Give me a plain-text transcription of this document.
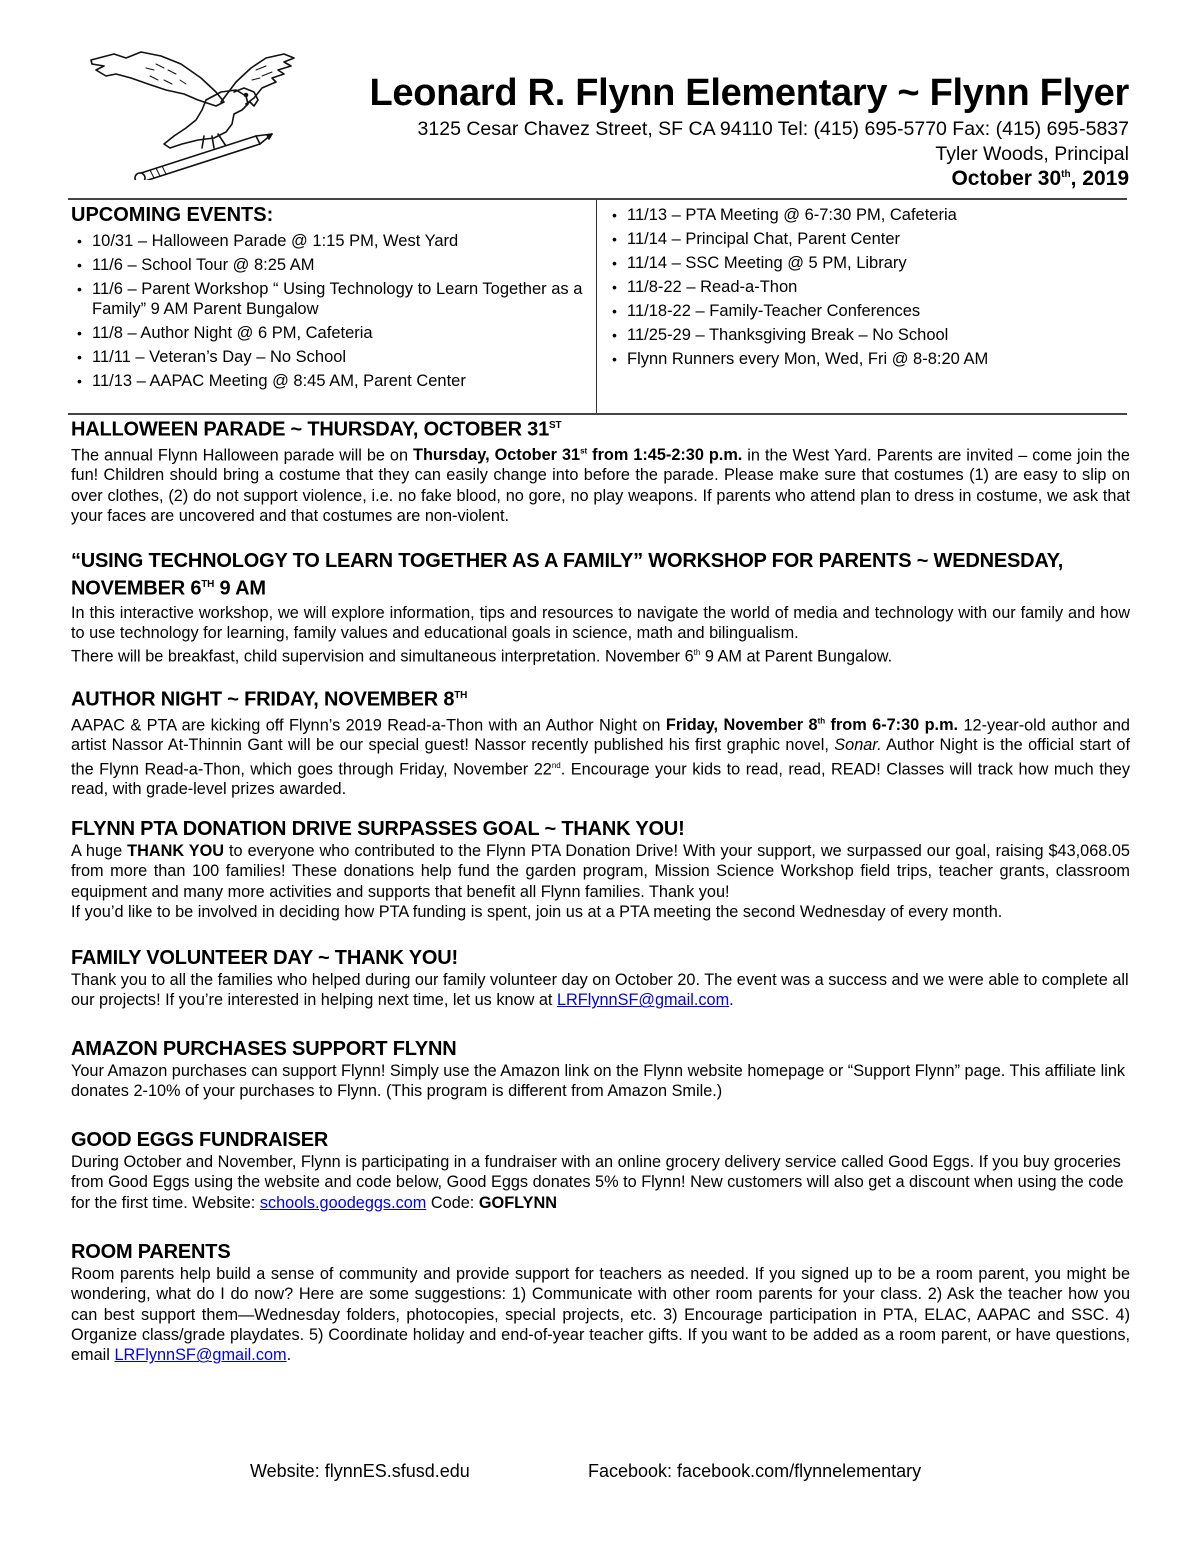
Leonard R. Flynn Elementary ~ Flynn Flyer
3125 Cesar Chavez Street, SF CA 94110 Tel: (415) 695-5770 Fax: (415) 695-5837
Tyler Woods, Principal
October 30th, 2019
UPCOMING EVENTS:
• 10/31 – Halloween Parade @ 1:15 PM, West Yard
• 11/6 – School Tour @ 8:25 AM
• 11/6 – Parent Workshop “ Using Technology to Learn Together as a Family” 9 AM Parent Bungalow
• 11/8 – Author Night @ 6 PM, Cafeteria
• 11/11 – Veteran’s Day – No School
• 11/13 – AAPAC Meeting @ 8:45 AM, Parent Center
• 11/13 – PTA Meeting @ 6-7:30 PM, Cafeteria
• 11/14 – Principal Chat, Parent Center
• 11/14 – SSC Meeting @ 5 PM, Library
• 11/8-22 – Read-a-Thon
• 11/18-22 – Family-Teacher Conferences
• 11/25-29 – Thanksgiving Break – No School
• Flynn Runners every Mon, Wed, Fri @ 8-8:20 AM
HALLOWEEN PARADE ~ THURSDAY, OCTOBER 31ST

The annual Flynn Halloween parade will be on Thursday, October 31st from 1:45-2:30 p.m. in the West Yard. Parents are invited – come join the fun! Children should bring a costume that they can easily change into before the parade. Please make sure that costumes (1) are easy to slip on over clothes, (2) do not support violence, i.e. no fake blood, no gore, no play weapons. If parents who attend plan to dress in costume, we ask that your faces are uncovered and that costumes are non-violent.

“USING TECHNOLOGY TO LEARN TOGETHER AS A FAMILY” WORKSHOP FOR PARENTS ~ WEDNESDAY, NOVEMBER 6TH 9 AM

In this interactive workshop, we will explore information, tips and resources to navigate the world of media and technology with our family and how to use technology for learning, family values and educational goals in science, math and bilingualism.

There will be breakfast, child supervision and simultaneous interpretation. November 6th 9 AM at Parent Bungalow.

AUTHOR NIGHT ~ FRIDAY, NOVEMBER 8TH

AAPAC & PTA are kicking off Flynn’s 2019 Read-a-Thon with an Author Night on Friday, November 8th from 6-7:30 p.m. 12-year-old author and artist Nassor At-Thinnin Gant will be our special guest! Nassor recently published his first graphic novel, Sonar. Author Night is the official start of the Flynn Read-a-Thon, which goes through Friday, November 22nd. Encourage your kids to read, read, READ! Classes will track how much they read, with grade-level prizes awarded.

FLYNN PTA DONATION DRIVE SURPASSES GOAL ~ THANK YOU!

A huge THANK YOU to everyone who contributed to the Flynn PTA Donation Drive! With your support, we surpassed our goal, raising $43,068.05 from more than 100 families! These donations help fund the garden program, Mission Science Workshop field trips, teacher grants, classroom equipment and many more activities and supports that benefit all Flynn families. Thank you!

If you’d like to be involved in deciding how PTA funding is spent, join us at a PTA meeting the second Wednesday of every month.

FAMILY VOLUNTEER DAY ~ THANK YOU!

Thank you to all the families who helped during our family volunteer day on October 20. The event was a success and we were able to complete all our projects! If you’re interested in helping next time, let us know at LRFlynnSF@gmail.com.

AMAZON PURCHASES SUPPORT FLYNN

Your Amazon purchases can support Flynn! Simply use the Amazon link on the Flynn website homepage or “Support Flynn” page. This affiliate link donates 2-10% of your purchases to Flynn. (This program is different from Amazon Smile.)

GOOD EGGS FUNDRAISER

During October and November, Flynn is participating in a fundraiser with an online grocery delivery service called Good Eggs. If you buy groceries from Good Eggs using the website and code below, Good Eggs donates 5% to Flynn! New customers will also get a discount when using the code for the first time. Website: schools.goodeggs.com Code: GOFLYNN

ROOM PARENTS

Room parents help build a sense of community and provide support for teachers as needed. If you signed up to be a room parent, you might be wondering, what do I do now? Here are some suggestions: 1) Communicate with other room parents for your class. 2) Ask the teacher how you can best support them—Wednesday folders, photocopies, special projects, etc. 3) Encourage participation in PTA, ELAC, AAPAC and SSC. 4) Organize class/grade playdates. 5) Coordinate holiday and end-of-year teacher gifts. If you want to be added as a room parent, or have questions, email LRFlynnSF@gmail.com.

Website: flynnES.sfusd.edu	Facebook: facebook.com/flynnelementary
